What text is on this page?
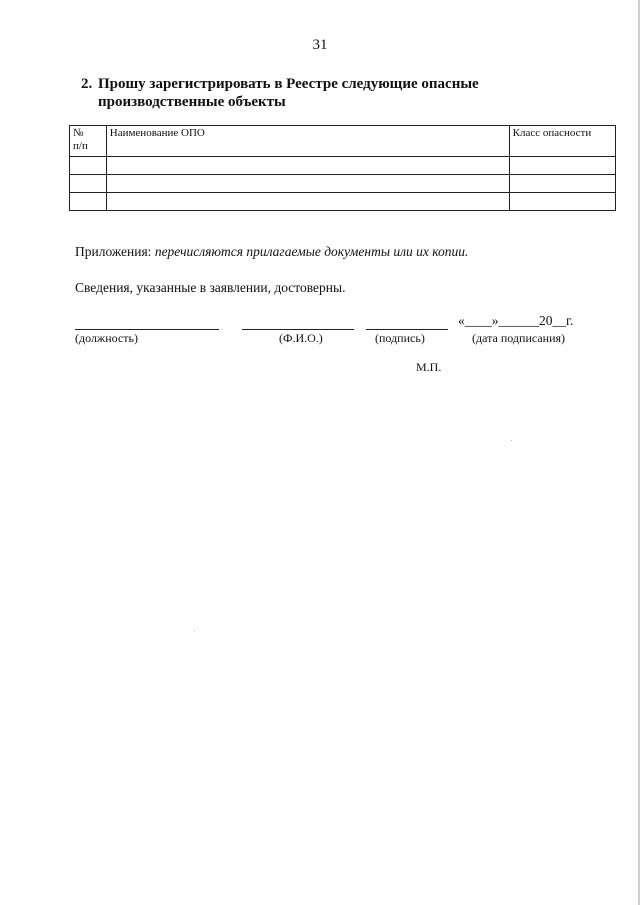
31
2. Прошу зарегистрировать в Реестре следующие опасные
производственные объекты
№
п/п	Наименование ОПО	Класс опасности

Приложения: перечисляются прилагаемые документы или их копии.
Сведения, указанные в заявлении, достоверны.
«____»______20__г.
(должность)	(Ф.И.О.)	(подпись)	(дата подписания)
М.П.
